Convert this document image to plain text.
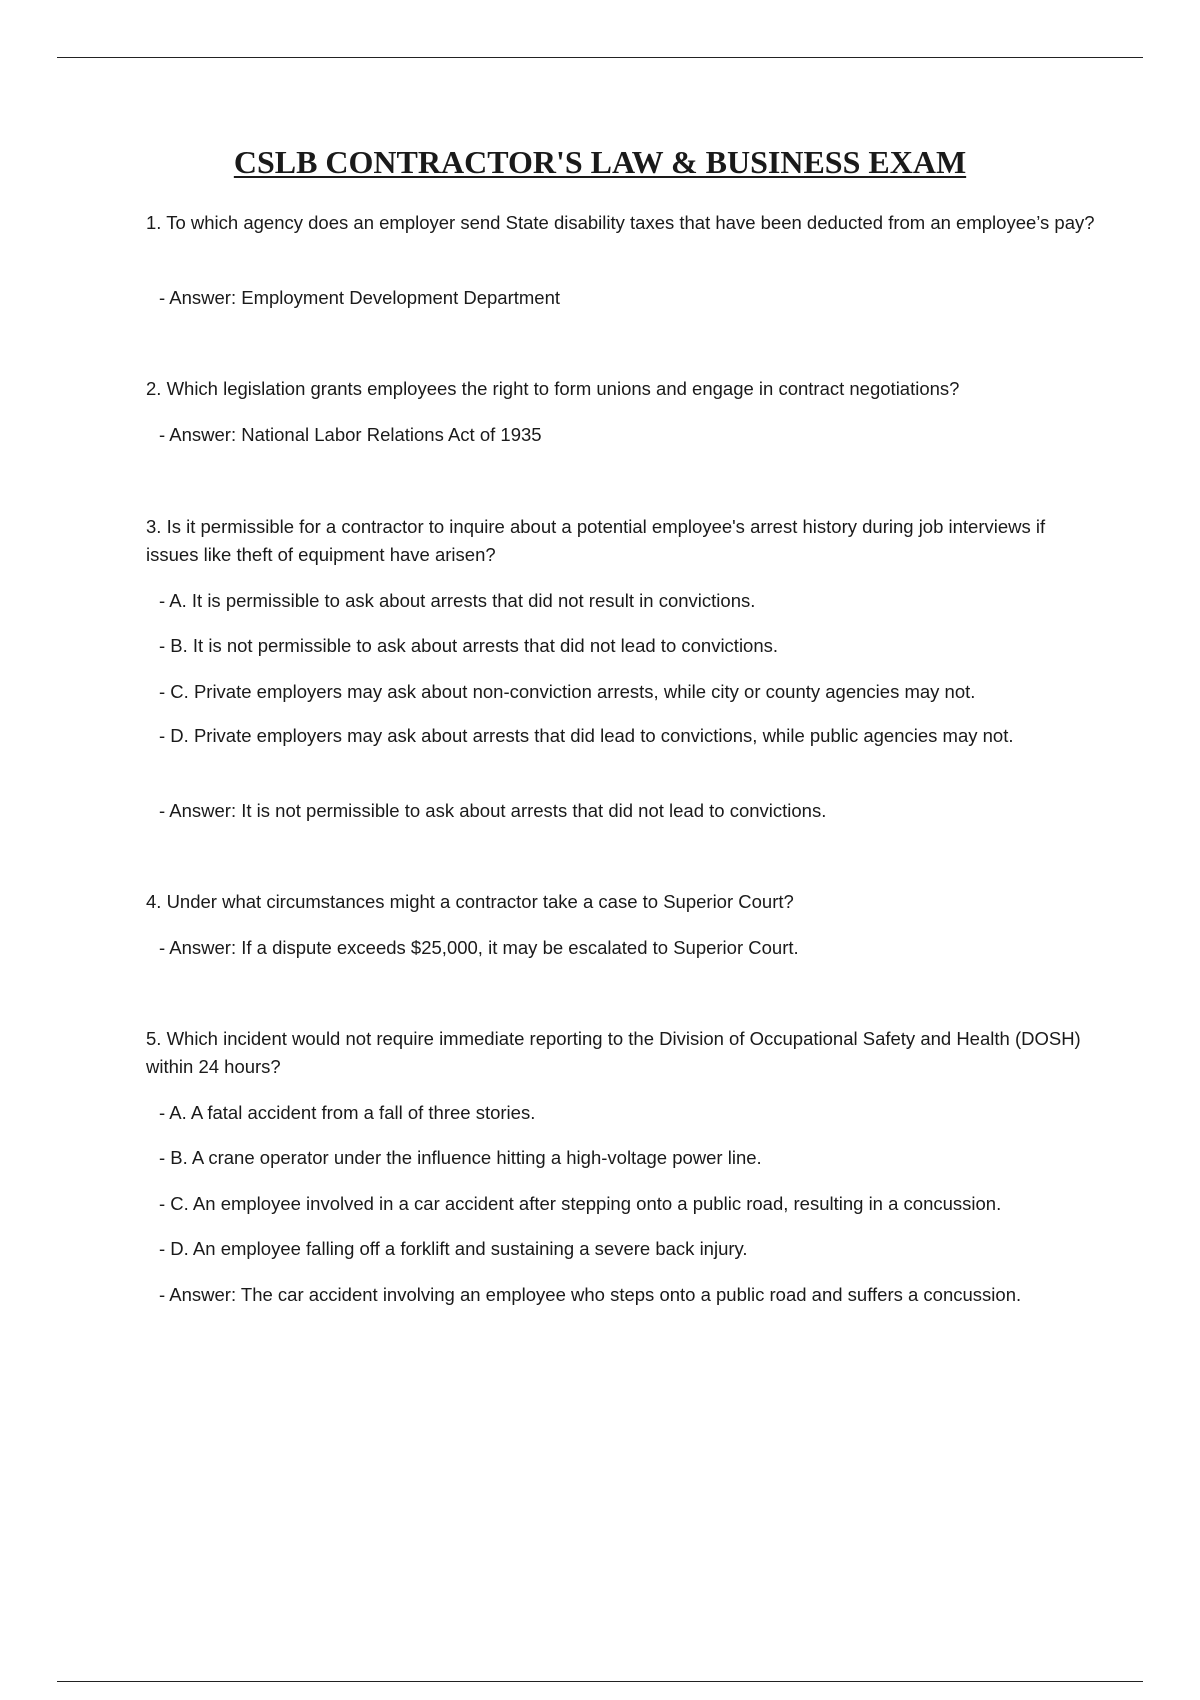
CSLB CONTRACTOR'S LAW & BUSINESS EXAM

1. To which agency does an employer send State disability taxes that have been deducted from an employee’s pay?

- Answer: Employment Development Department

2. Which legislation grants employees the right to form unions and engage in contract negotiations?

- Answer: National Labor Relations Act of 1935

3. Is it permissible for a contractor to inquire about a potential employee's arrest history during job interviews if issues like theft of equipment have arisen?

- A. It is permissible to ask about arrests that did not result in convictions.

- B. It is not permissible to ask about arrests that did not lead to convictions.

- C. Private employers may ask about non-conviction arrests, while city or county agencies may not.

- D. Private employers may ask about arrests that did lead to convictions, while public agencies may not.

- Answer: It is not permissible to ask about arrests that did not lead to convictions.

4. Under what circumstances might a contractor take a case to Superior Court?

- Answer: If a dispute exceeds $25,000, it may be escalated to Superior Court.

5. Which incident would not require immediate reporting to the Division of Occupational Safety and Health (DOSH) within 24 hours?

- A. A fatal accident from a fall of three stories.

- B. A crane operator under the influence hitting a high-voltage power line.

- C. An employee involved in a car accident after stepping onto a public road, resulting in a concussion.

- D. An employee falling off a forklift and sustaining a severe back injury.

- Answer: The car accident involving an employee who steps onto a public road and suffers a concussion.
